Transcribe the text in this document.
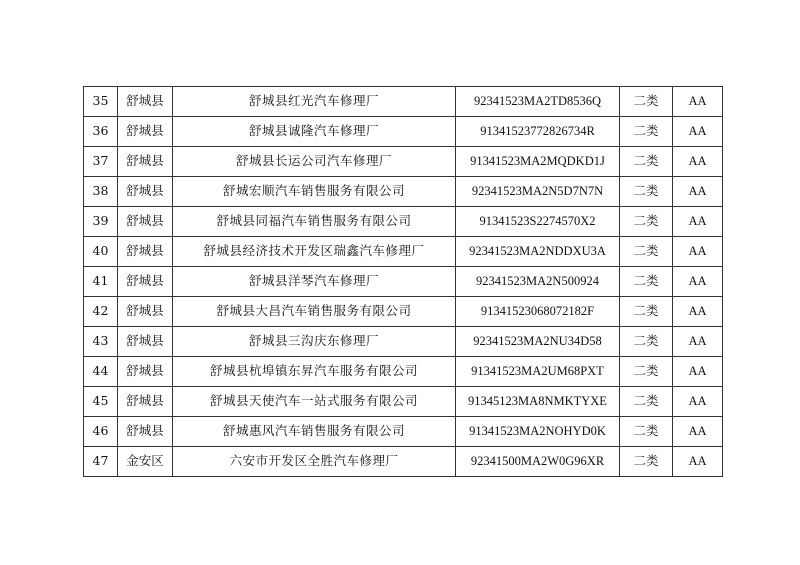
35	舒城县	舒城县红光汽车修理厂	92341523MA2TD8536Q	二类	AA
36	舒城县	舒城县诚隆汽车修理厂	91341523772826734R	二类	AA
37	舒城县	舒城县长运公司汽车修理厂	91341523MA2MQDKD1J	二类	AA
38	舒城县	舒城宏顺汽车销售服务有限公司	92341523MA2N5D7N7N	二类	AA
39	舒城县	舒城县同福汽车销售服务有限公司	91341523S2274570X2	二类	AA
40	舒城县	舒城县经济技术开发区瑞鑫汽车修理厂	92341523MA2NDDXU3A	二类	AA
41	舒城县	舒城县洋琴汽车修理厂	92341523MA2N500924	二类	AA
42	舒城县	舒城县大昌汽车销售服务有限公司	91341523068072182F	二类	AA
43	舒城县	舒城县三沟庆东修理厂	92341523MA2NU34D58	二类	AA
44	舒城县	舒城县杭埠镇东昇汽车服务有限公司	91341523MA2UM68PXT	二类	AA
45	舒城县	舒城县天使汽车一站式服务有限公司	91345123MA8NMKTYXE	二类	AA
46	舒城县	舒城惠风汽车销售服务有限公司	91341523MA2NOHYD0K	二类	AA
47	金安区	六安市开发区全胜汽车修理厂	92341500MA2W0G96XR	二类	AA
